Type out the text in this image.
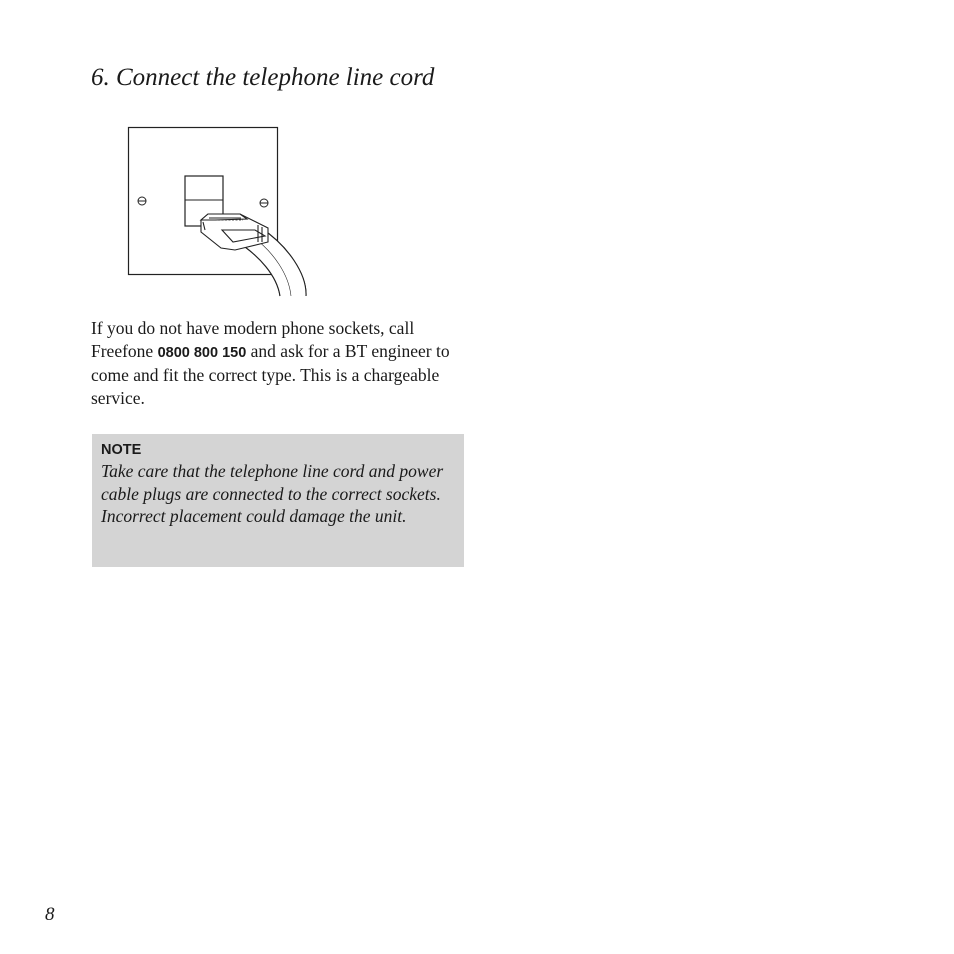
6. Connect the telephone line cord

If you do not have modern phone sockets, call Freefone 0800 800 150 and ask for a BT engineer to come and fit the correct type. This is a chargeable service.

NOTE

Take care that the telephone line cord and power cable plugs are connected to the correct sockets. Incorrect placement could damage the unit.

8
